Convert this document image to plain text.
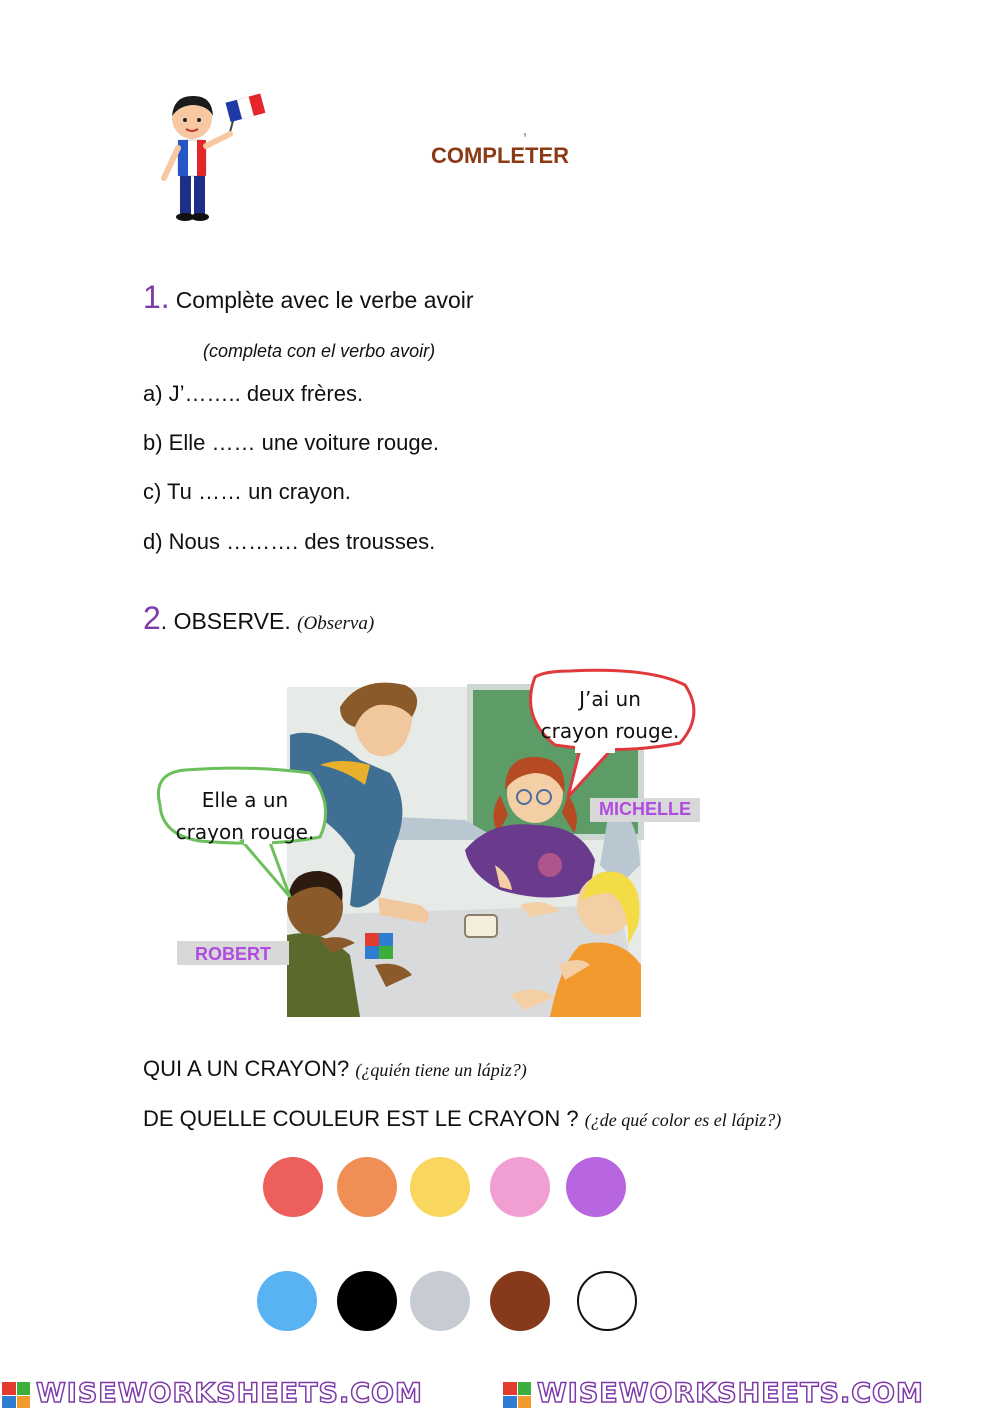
,
COMPLETER
1. Complète avec le verbe avoir
(completa con el verbo avoir)
a) J’…….. deux frères.
b) Elle …… une voiture rouge.
c) Tu …… un crayon.
d) Nous ………. des trousses.
2. OBSERVE. (Observa)
J’ai un
crayon rouge.
Elle a un
crayon rouge.
MICHELLE
ROBERT
QUI A UN CRAYON? (¿quién tiene un lápiz?)
DE QUELLE COULEUR EST LE CRAYON ? (¿de qué color es el lápiz?)
WISEWORKSHEETS.COM	WISEWORKSHEETS.COM
